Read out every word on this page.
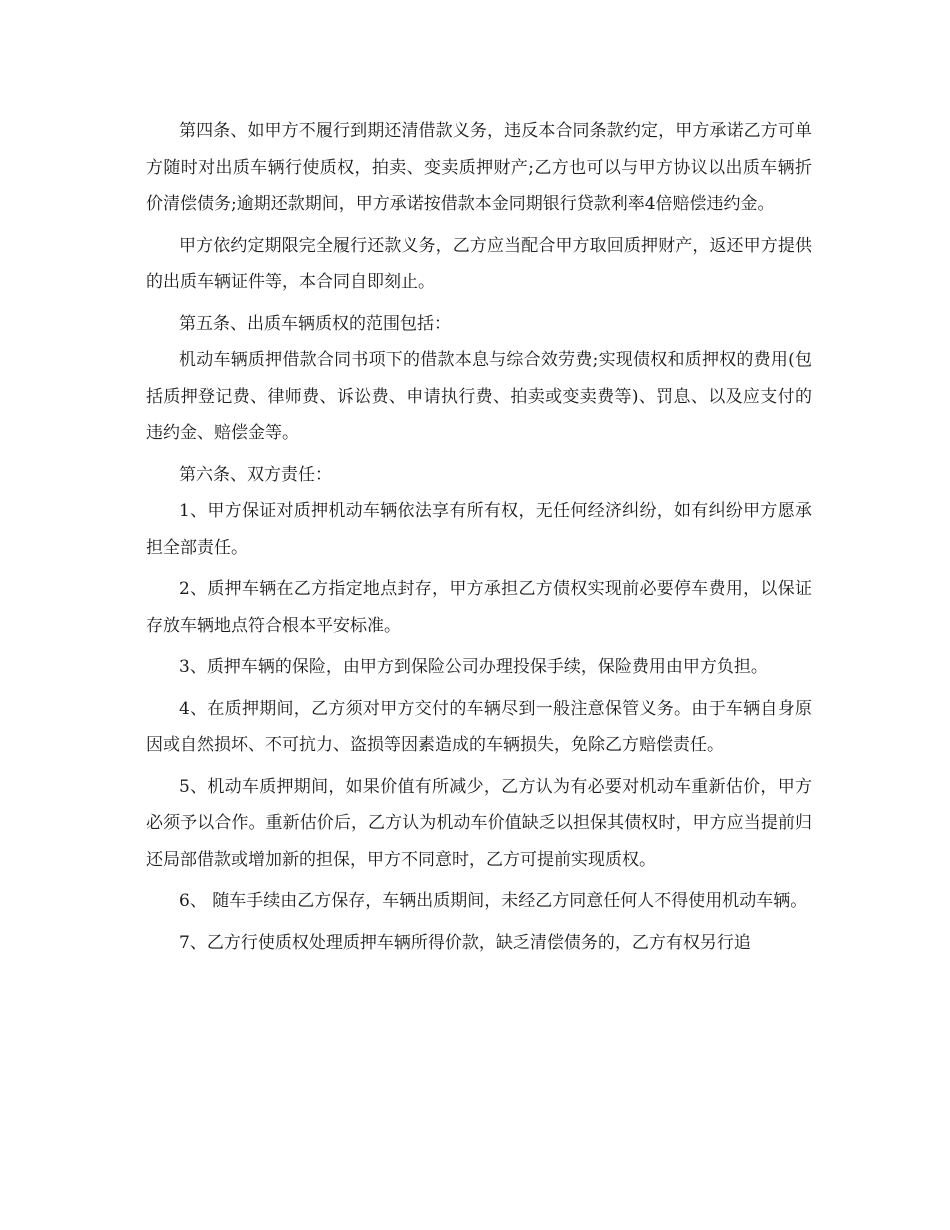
第四条、如甲方不履行到期还清借款义务，违反本合同条款约定，甲方承诺乙方可单方随时对出质车辆行使质权，拍卖、变卖质押财产;乙方也可以与甲方协议以出质车辆折价清偿债务;逾期还款期间，甲方承诺按借款本金同期银行贷款利率4倍赔偿违约金。

甲方依约定期限完全履行还款义务，乙方应当配合甲方取回质押财产，返还甲方提供的出质车辆证件等，本合同自即刻止。

第五条、出质车辆质权的范围包括：

机动车辆质押借款合同书项下的借款本息与综合效劳费;实现债权和质押权的费用(包括质押登记费、律师费、诉讼费、申请执行费、拍卖或变卖费等)、罚息、以及应支付的违约金、赔偿金等。

第六条、双方责任：

1、甲方保证对质押机动车辆依法享有所有权，无任何经济纠纷，如有纠纷甲方愿承担全部责任。

2、质押车辆在乙方指定地点封存，甲方承担乙方债权实现前必要停车费用，以保证存放车辆地点符合根本平安标准。

3、质押车辆的保险，由甲方到保险公司办理投保手续，保险费用由甲方负担。

4、在质押期间，乙方须对甲方交付的车辆尽到一般注意保管义务。由于车辆自身原因或自然损坏、不可抗力、盗损等因素造成的车辆损失，免除乙方赔偿责任。

5、机动车质押期间，如果价值有所减少，乙方认为有必要对机动车重新估价，甲方必须予以合作。重新估价后，乙方认为机动车价值缺乏以担保其债权时，甲方应当提前归还局部借款或增加新的担保，甲方不同意时，乙方可提前实现质权。

6、 随车手续由乙方保存，车辆出质期间，未经乙方同意任何人不得使用机动车辆。

7、乙方行使质权处理质押车辆所得价款，缺乏清偿债务的，乙方有权另行追
